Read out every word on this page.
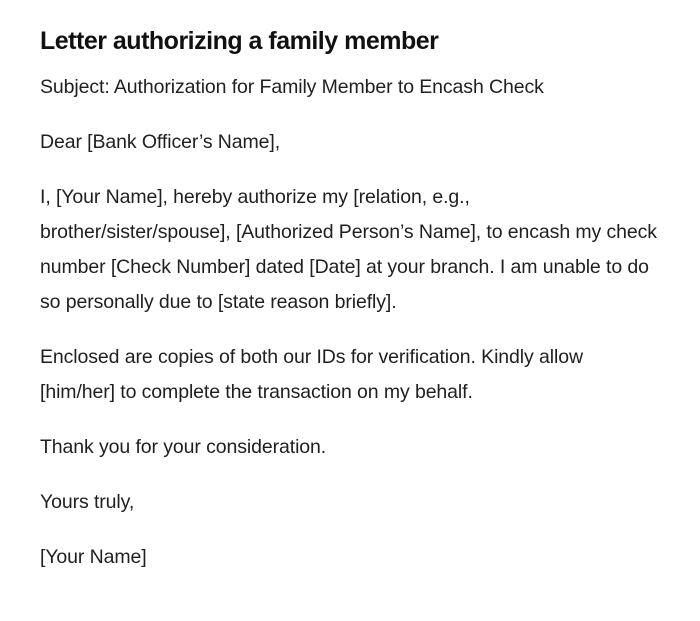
Letter authorizing a family member

Subject: Authorization for Family Member to Encash Check

Dear [Bank Officer’s Name],

I, [Your Name], hereby authorize my [relation, e.g., brother/sister/spouse], [Authorized Person’s Name], to encash my check number [Check Number] dated [Date] at your branch. I am unable to do so personally due to [state reason briefly].

Enclosed are copies of both our IDs for verification. Kindly allow [him/her] to complete the transaction on my behalf.

Thank you for your consideration.

Yours truly,

[Your Name]
